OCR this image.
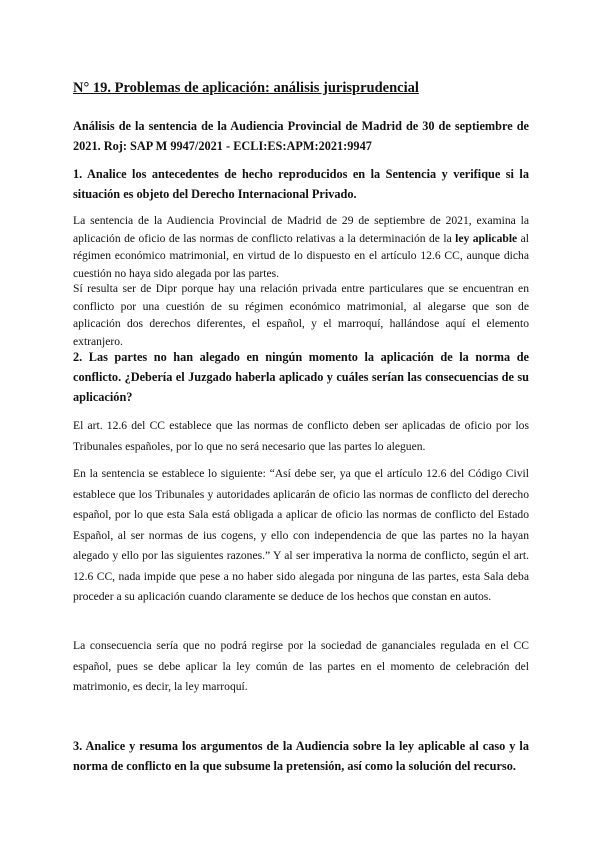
N° 19. Problemas de aplicación: análisis jurisprudencial

Análisis de la sentencia de la Audiencia Provincial de Madrid de 30 de septiembre de 2021. Roj: SAP M 9947/2021 - ECLI:ES:APM:2021:9947

1. Analice los antecedentes de hecho reproducidos en la Sentencia y verifique si la situación es objeto del Derecho Internacional Privado.

La sentencia de la Audiencia Provincial de Madrid de 29 de septiembre de 2021, examina la aplicación de oficio de las normas de conflicto relativas a la determinación de la ley aplicable al régimen económico matrimonial, en virtud de lo dispuesto en el artículo 12.6 CC, aunque dicha cuestión no haya sido alegada por las partes.

Sí resulta ser de Dipr porque hay una relación privada entre particulares que se encuentran en conflicto por una cuestión de su régimen económico matrimonial, al alegarse que son de aplicación dos derechos diferentes, el español, y el marroquí, hallándose aquí el elemento extranjero.

2. Las partes no han alegado en ningún momento la aplicación de la norma de conflicto. ¿Debería el Juzgado haberla aplicado y cuáles serían las consecuencias de su aplicación?

El art. 12.6 del CC establece que las normas de conflicto deben ser aplicadas de oficio por los Tribunales españoles, por lo que no será necesario que las partes lo aleguen.

En la sentencia se establece lo siguiente: “Así debe ser, ya que el artículo 12.6 del Código Civil establece que los Tribunales y autoridades aplicarán de oficio las normas de conflicto del derecho español, por lo que esta Sala está obligada a aplicar de oficio las normas de conflicto del Estado Español, al ser normas de ius cogens, y ello con independencia de que las partes no la hayan alegado y ello por las siguientes razones.” Y al ser imperativa la norma de conflicto, según el art. 12.6 CC, nada impide que pese a no haber sido alegada por ninguna de las partes, esta Sala deba proceder a su aplicación cuando claramente se deduce de los hechos que constan en autos.

La consecuencia sería que no podrá regirse por la sociedad de gananciales regulada en el CC español, pues se debe aplicar la ley común de las partes en el momento de celebración del matrimonio, es decir, la ley marroquí.

3. Analice y resuma los argumentos de la Audiencia sobre la ley aplicable al caso y la norma de conflicto en la que subsume la pretensión, así como la solución del recurso.
